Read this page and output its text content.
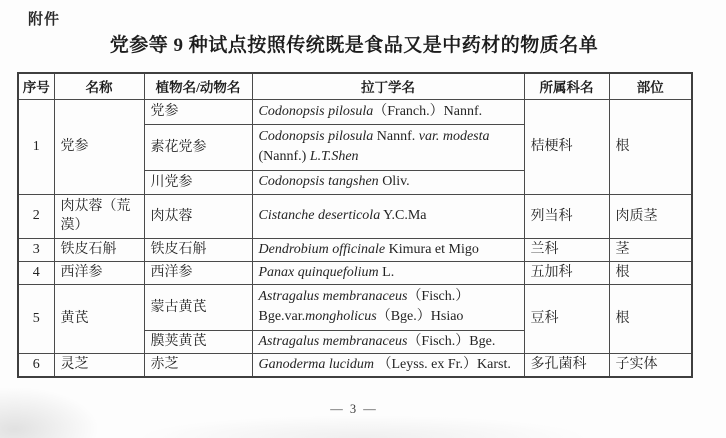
附件
党参等 9 种试点按照传统既是食品又是中药材的物质名单
序号	名称	植物名/动物名	拉丁学名	所属科名	部位
1	党参	党参	Codonopsis pilosula（Franch.）Nannf.	桔梗科	根
		素花党参	Codonopsis pilosula Nannf. var. modesta (Nannf.) L.T.Shen		
		川党参	Codonopsis tangshen Oliv.		
2	肉苁蓉（荒漠）	肉苁蓉	Cistanche deserticola Y.C.Ma	列当科	肉质茎
3	铁皮石斛	铁皮石斛	Dendrobium officinale Kimura et Migo	兰科	茎
4	西洋参	西洋参	Panax quinquefolium L.	五加科	根
5	黄芪	蒙古黄芪	Astragalus membranaceus（Fisch.）Bge.var.mongholicus（Bge.）Hsiao	豆科	根
		膜荚黄芪	Astragalus membranaceus（Fisch.）Bge.		
6	灵芝	赤芝	Ganoderma lucidum （Leyss. ex Fr.）Karst.	多孔菌科	子实体
— 3 —
